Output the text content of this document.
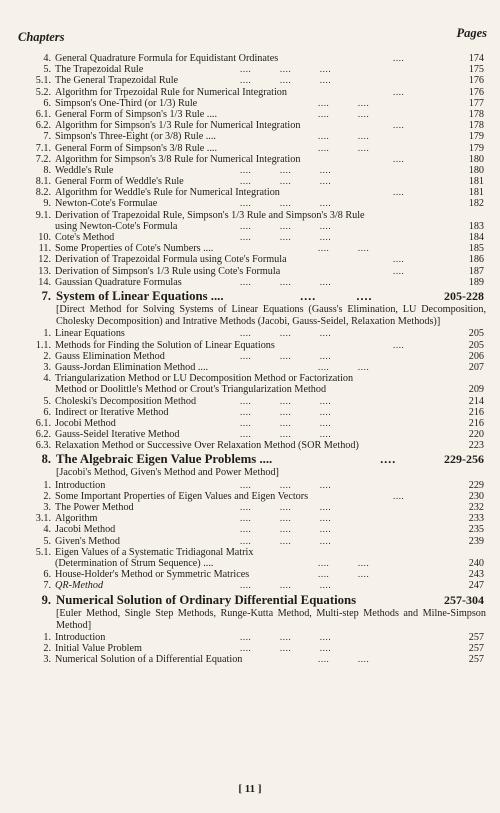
Chapters	Pages
4. General Quadrature Formula for Equidistant Ordinates	....	174
5. The Trapezoidal Rule	....          ....          ....	175
5.1. The General Trapezoidal Rule	....          ....          ....	176
5.2. Algorithm for Trpezoidal Rule for Numerical Integration	....	176
6. Simpson's One-Third (or 1/3) Rule	....          ....	177
6.1. General Form of Simpson's 1/3 Rule ....	....          ....	178
6.2. Algorithm for Simpson's 1/3 Rule for Numerical Integration	....	178
7. Simpson's Three-Eight (or 3/8) Rule ....	....          ....	179
7.1. General Form of Simpson's 3/8 Rule ....	....          ....	179
7.2. Algorithm for Simpson's 3/8 Rule for Numerical Integration	....	180
8. Weddle's Rule	....          ....          ....	180
8.1. General Form of Weddle's Rule	....          ....          ....	181
8.2. Algorithm for Weddle's Rule for Numerical Integration	....	181
9. Newton-Cote's Formulae	....          ....          ....	182
9.1. Derivation of Trapezoidal Rule, Simpson's 1/3 Rule and Simpson's 3/8 Rule
using Newton-Cote's Formula	....          ....          ....	183
10. Cote's Method	....          ....          ....	184
11. Some Properties of Cote's Numbers ....	....          ....	185
12. Derivation of Trapezoidal Formula using Cote's Formula	....	186
13. Derivation of Simpson's 1/3 Rule using Cote's Formula	....	187
14. Gaussian Quadrature Formulas	....          ....          ....	189
7. System of Linear Equations ....	....          ....	205-228
[Direct Method for Solving Systems of Linear Equations (Gauss's Elimination, LU Decomposition, Cholesky Decomposition) and Intrative Methods (Jacobi, Gauss-Seidel, Relaxation Methods)]
1. Linear Equations	....          ....          ....	205
1.1. Methods for Finding the Solution of Linear Equations	....	205
2. Gauss Elimination Method	....          ....          ....	206
3. Gauss-Jordan Elimination Method ....	....          ....	207
4. Triangularization Method or LU Decomposition Method or Factorization
Method or Doolittle's Method or Crout's Triangularization Method	209
5. Choleski's Decomposition Method	....          ....          ....	214
6. Indirect or Iterative Method	....          ....          ....	216
6.1. Jocobi Method	....          ....          ....	216
6.2. Gauss-Seidel Iterative Method	....          ....          ....	220
6.3. Relaxation Method or Successive Over Relaxation Method (SOR Method)	223
8. The Algebraic Eigen Value Problems ....	....	229-256
[Jacobi's Method, Given's Method and Power Method]
1. Introduction	....          ....          ....	229
2. Some Important Properties of Eigen Values and Eigen Vectors	....	230
3. The Power Method	....          ....          ....	232
3.1. Algorithm	....          ....          ....	233
4. Jacobi Method	....          ....          ....	235
5. Given's Method	....          ....          ....	239
5.1. Eigen Values of a Systematic Tridiagonal Matrix
(Determination of Strum Sequence) ....	....          ....	240
6. House-Holder's Method or Symmetric Matrices	....          ....	243
7. QR-Method	....          ....          ....	247
9. Numerical Solution of Ordinary Differential Equations	257-304
[Euler Method, Single Step Methods, Runge-Kutta Method, Multi-step Methods and Milne-Simpson Method]
1. Introduction	....          ....          ....	257
2. Initial Value Problem	....          ....          ....	257
3. Numerical Solution of a Differential Equation	....          ....	257
[ 11 ]
